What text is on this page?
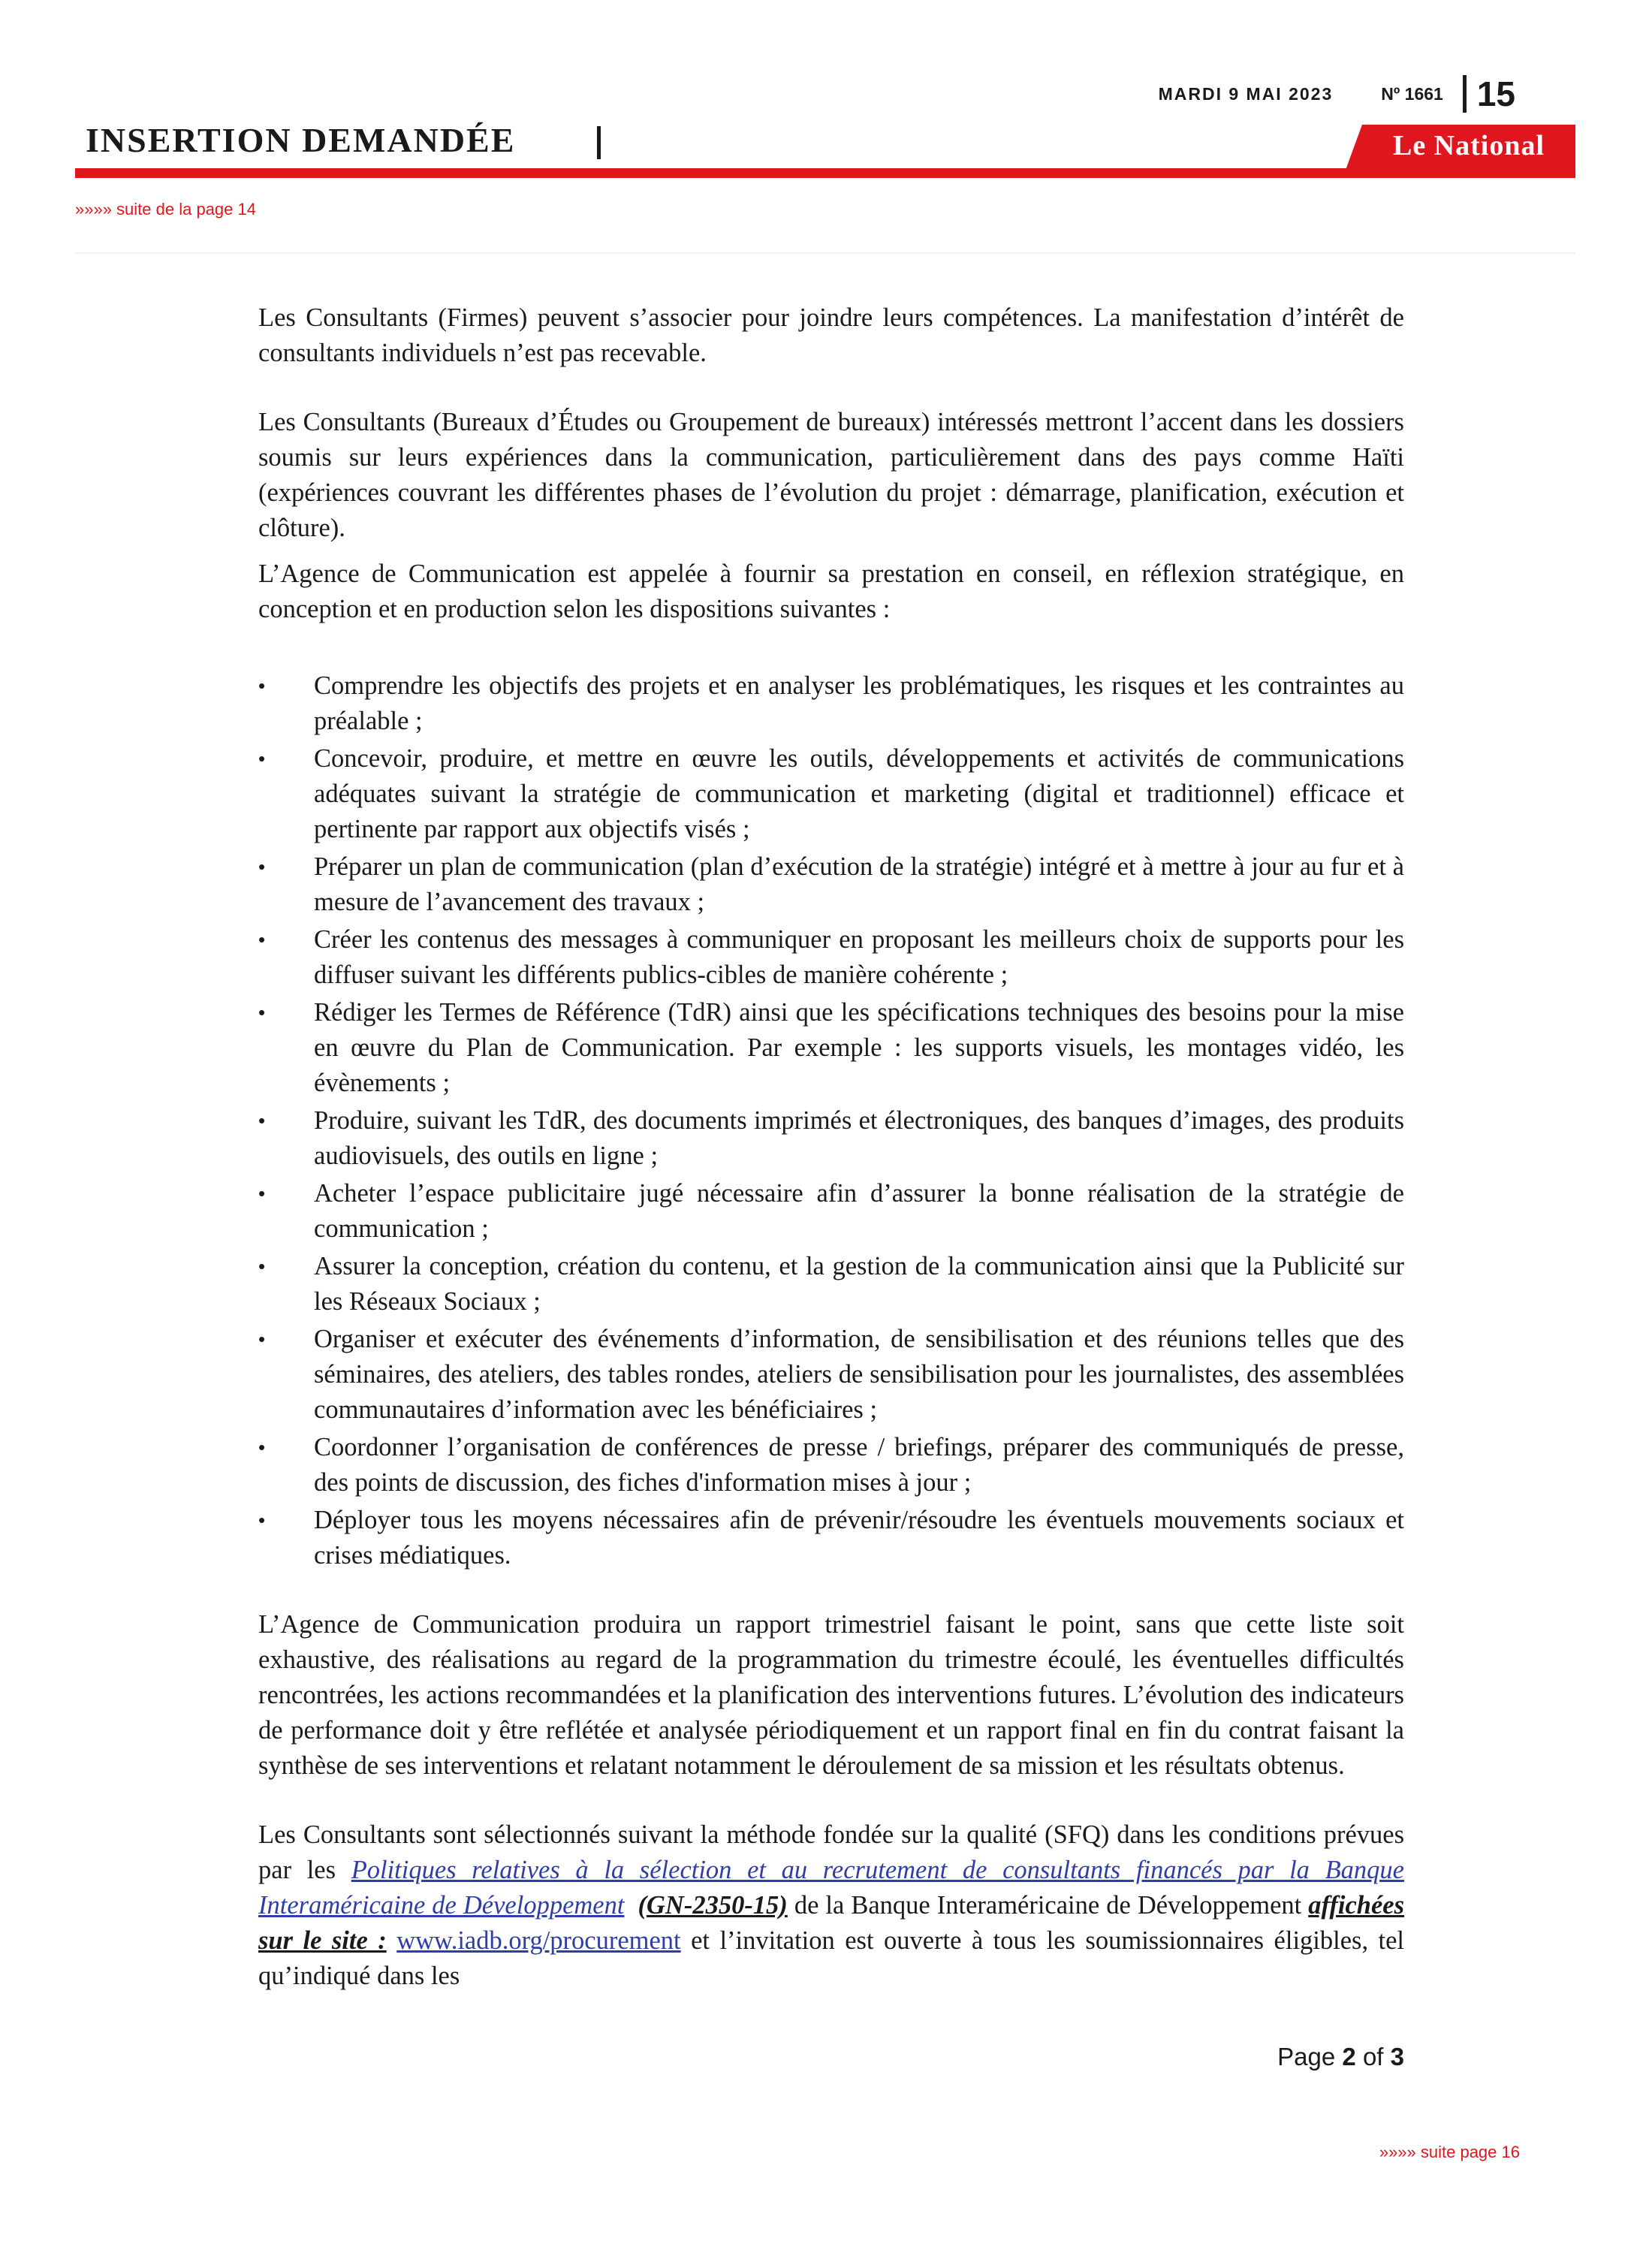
MARDI 9 MAI 2023	Nº 1661 15
INSERTION DEMANDÉE	Le National
»»»» suite de la page 14

Les Consultants (Firmes) peuvent s’associer pour joindre leurs compétences. La manifestation d’intérêt de consultants individuels n’est pas recevable.

Les Consultants (Bureaux d’Études ou Groupement de bureaux) intéressés mettront l’accent dans les dossiers soumis sur leurs expériences dans la communication, particulièrement dans des pays comme Haïti (expériences couvrant les différentes phases de l’évolution du projet : démarrage, planification, exécution et clôture).

L’Agence de Communication est appelée à fournir sa prestation en conseil, en réflexion stratégique, en conception et en production selon les dispositions suivantes :

• Comprendre les objectifs des projets et en analyser les problématiques, les risques et les contraintes au préalable ;
• Concevoir, produire, et mettre en œuvre les outils, développements et activités de communications adéquates suivant la stratégie de communication et marketing (digital et traditionnel) efficace et pertinente par rapport aux objectifs visés ;
• Préparer un plan de communication (plan d’exécution de la stratégie) intégré et à mettre à jour au fur et à mesure de l’avancement des travaux ;
• Créer les contenus des messages à communiquer en proposant les meilleurs choix de supports pour les diffuser suivant les différents publics-cibles de manière cohérente ;
• Rédiger les Termes de Référence (TdR) ainsi que les spécifications techniques des besoins pour la mise en œuvre du Plan de Communication. Par exemple : les supports visuels, les montages vidéo, les évènements ;
• Produire, suivant les TdR, des documents imprimés et électroniques, des banques d’images, des produits audiovisuels, des outils en ligne ;
• Acheter l’espace publicitaire jugé nécessaire afin d’assurer la bonne réalisation de la stratégie de communication ;
• Assurer la conception, création du contenu, et la gestion de la communication ainsi que la Publicité sur les Réseaux Sociaux ;
• Organiser et exécuter des événements d’information, de sensibilisation et des réunions telles que des séminaires, des ateliers, des tables rondes, ateliers de sensibilisation pour les journalistes, des assemblées communautaires d’information avec les bénéficiaires ;
• Coordonner l’organisation de conférences de presse / briefings, préparer des communiqués de presse, des points de discussion, des fiches d'information mises à jour ;
• Déployer tous les moyens nécessaires afin de prévenir/résoudre les éventuels mouvements sociaux et crises médiatiques.

L’Agence de Communication produira un rapport trimestriel faisant le point, sans que cette liste soit exhaustive, des réalisations au regard de la programmation du trimestre écoulé, les éventuelles difficultés rencontrées, les actions recommandées et la planification des interventions futures. L’évolution des indicateurs de performance doit y être reflétée et analysée périodiquement et un rapport final en fin du contrat faisant la synthèse de ses interventions et relatant notamment le déroulement de sa mission et les résultats obtenus.

Les Consultants sont sélectionnés suivant la méthode fondée sur la qualité (SFQ) dans les conditions prévues par les Politiques relatives à la sélection et au recrutement de consultants financés par la Banque Interaméricaine de Développement (GN-2350-15) de la Banque Interaméricaine de Développement affichées sur le site : www.iadb.org/procurement et l’invitation est ouverte à tous les soumissionnaires éligibles, tel qu’indiqué dans les

Page 2 of 3
»»»» suite page 16
